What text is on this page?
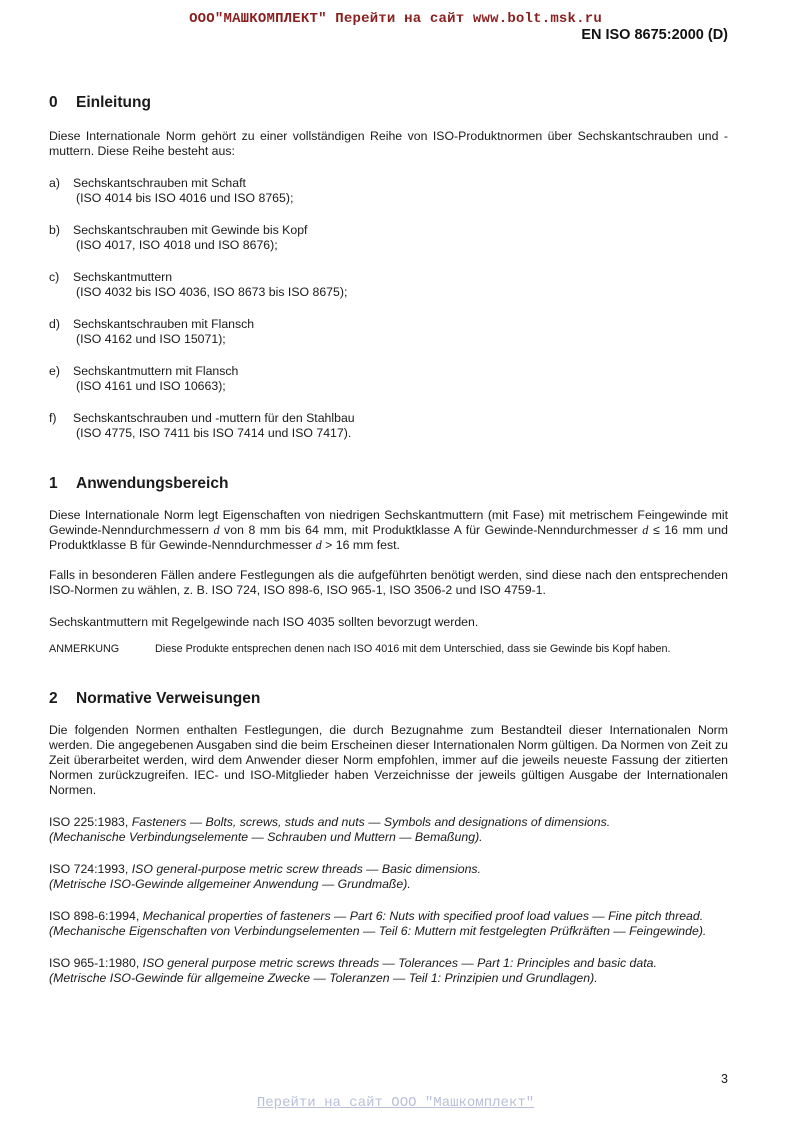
ООО"МАШКОМПЛЕКТ" Перейти на сайт www.bolt.msk.ru
EN ISO 8675:2000 (D)
0 Einleitung

Diese Internationale Norm gehört zu einer vollständigen Reihe von ISO-Produktnormen über Sechskantschrauben und -muttern. Diese Reihe besteht aus:

a)	Sechskantschrauben mit Schaft
(ISO 4014 bis ISO 4016 und ISO 8765);
b)	Sechskantschrauben mit Gewinde bis Kopf
(ISO 4017, ISO 4018 und ISO 8676);
c)	Sechskantmuttern
(ISO 4032 bis ISO 4036, ISO 8673 bis ISO 8675);
d)	Sechskantschrauben mit Flansch
(ISO 4162 und ISO 15071);
e)	Sechskantmuttern mit Flansch
(ISO 4161 und ISO 10663);
f)	Sechskantschrauben und -muttern für den Stahlbau
(ISO 4775, ISO 7411 bis ISO 7414 und ISO 7417).
1 Anwendungsbereich

Diese Internationale Norm legt Eigenschaften von niedrigen Sechskantmuttern (mit Fase) mit metrischem Feingewinde mit Gewinde-Nenndurchmessern d von 8 mm bis 64 mm, mit Produktklasse A für Gewinde-Nenndurchmesser d ≤ 16 mm und Produktklasse B für Gewinde-Nenndurchmesser d > 16 mm fest.

Falls in besonderen Fällen andere Festlegungen als die aufgeführten benötigt werden, sind diese nach den entsprechenden ISO-Normen zu wählen, z. B. ISO 724, ISO 898-6, ISO 965-1, ISO 3506-2 und ISO 4759-1.

Sechskantmuttern mit Regelgewinde nach ISO 4035 sollten bevorzugt werden.

ANMERKUNG	Diese Produkte entsprechen denen nach ISO 4016 mit dem Unterschied, dass sie Gewinde bis Kopf haben.

2 Normative Verweisungen

Die folgenden Normen enthalten Festlegungen, die durch Bezugnahme zum Bestandteil dieser Internationalen Norm werden. Die angegebenen Ausgaben sind die beim Erscheinen dieser Internationalen Norm gültigen. Da Normen von Zeit zu Zeit überarbeitet werden, wird dem Anwender dieser Norm empfohlen, immer auf die jeweils neueste Fassung der zitierten Normen zurückzugreifen. IEC- und ISO-Mitglieder haben Verzeichnisse der jeweils gültigen Ausgabe der Internationalen Normen.

ISO 225:1983, Fasteners — Bolts, screws, studs and nuts — Symbols and designations of dimensions.
(Mechanische Verbindungselemente — Schrauben und Muttern — Bemaßung).

ISO 724:1993, ISO general-purpose metric screw threads — Basic dimensions.
(Metrische ISO-Gewinde allgemeiner Anwendung — Grundmaße).

ISO 898-6:1994, Mechanical properties of fasteners — Part 6: Nuts with specified proof load values — Fine pitch thread.
(Mechanische Eigenschaften von Verbindungselementen — Teil 6: Muttern mit festgelegten Prüfkräften — Feingewinde).

ISO 965-1:1980, ISO general purpose metric screws threads — Tolerances — Part 1: Principles and basic data.
(Metrische ISO-Gewinde für allgemeine Zwecke — Toleranzen — Teil 1: Prinzipien und Grundlagen).

3
Перейти на сайт ООО "Машкомплект"
